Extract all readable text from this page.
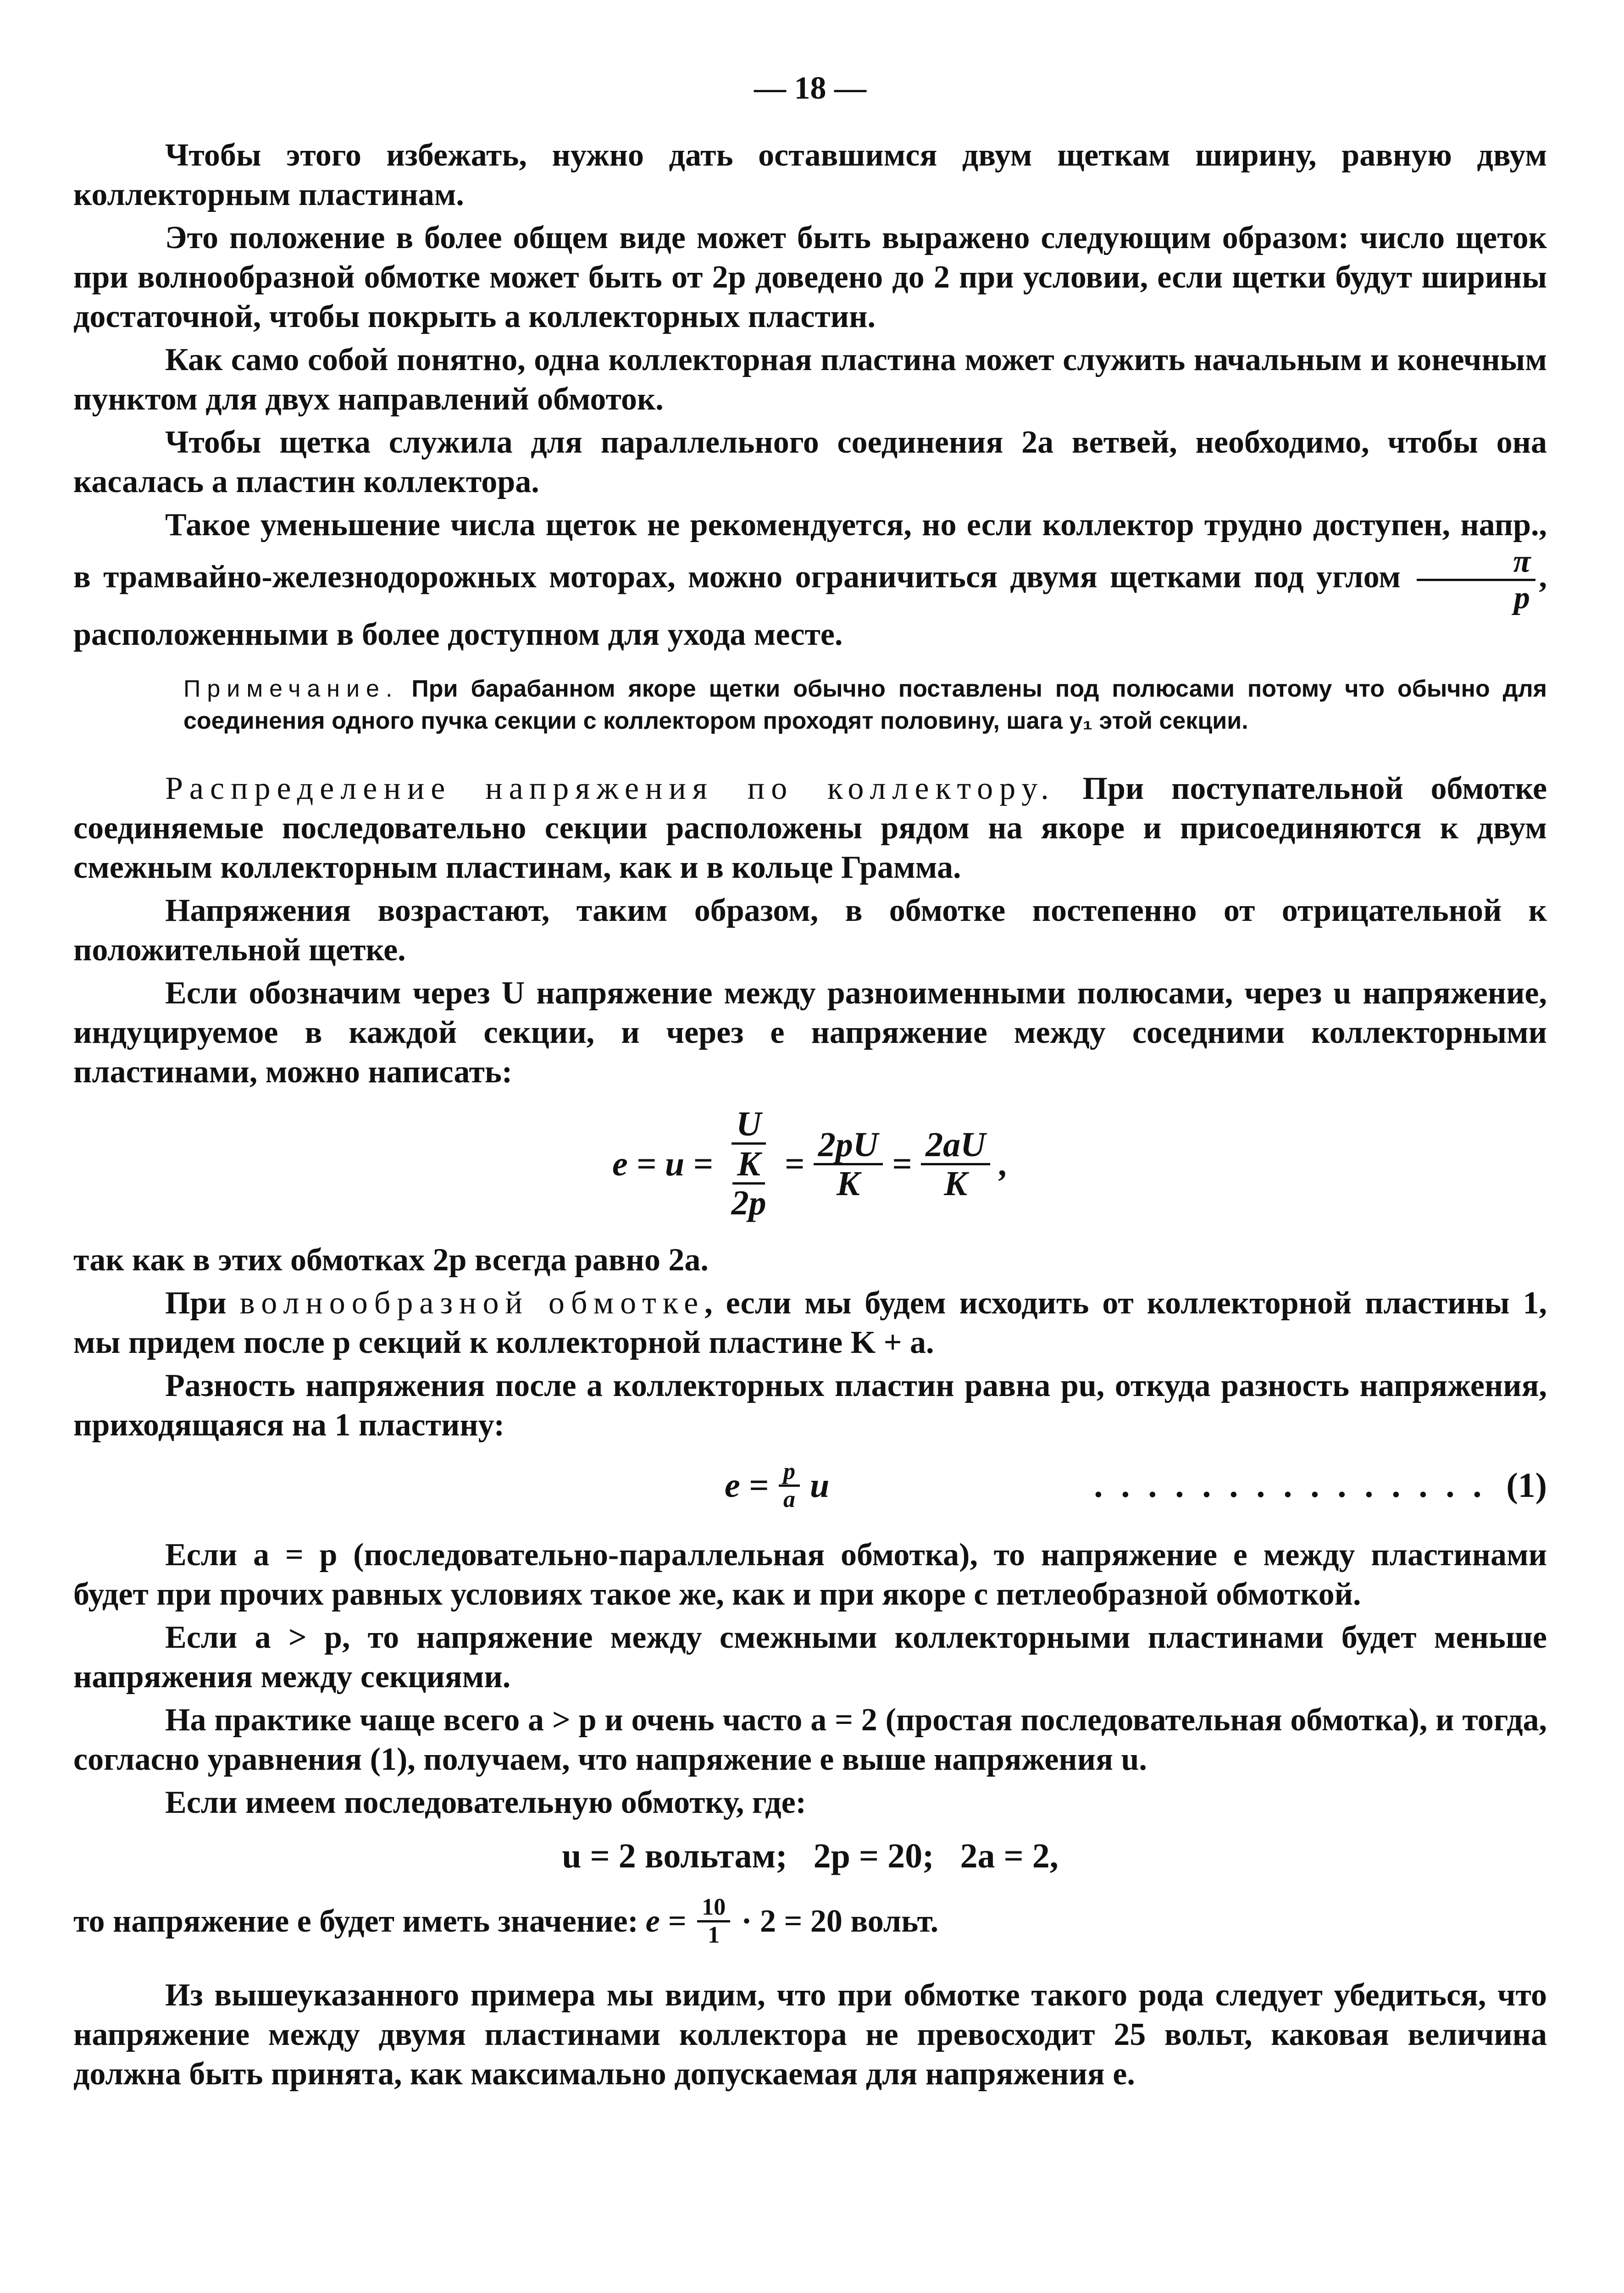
— 18 —

Чтобы этого избежать, нужно дать оставшимся двум щеткам ширину, равную двум коллекторным пластинам.

Это положение в более общем виде может быть выражено следующим образом: число щеток при волнообразной обмотке может быть от 2p доведено до 2 при условии, если щетки будут ширины достаточной, чтобы покрыть a коллекторных пластин.

Как само собой понятно, одна коллекторная пластина может служить начальным и конечным пунктом для двух направлений обмоток.

Чтобы щетка служила для параллельного соединения 2a ветвей, необходимо, чтобы она касалась a пластин коллектора.

Такое уменьшение числа щеток не рекомендуется, но если коллектор трудно доступен, напр., в трамвайно-железнодорожных моторах, можно ограничиться двумя щетками под углом $\frac{\pi}{p}$ , расположенными в более доступном для ухода месте.

Примечание. При барабанном якоре щетки обычно поставлены под полюсами потому что обычно для соединения одного пучка секции с коллектором проходят половину, шага y₁ этой секции.

Распределение напряжения по коллектору. При поступательной обмотке соединяемые последовательно секции расположены рядом на якоре и присоединяются к двум смежным коллекторным пластинам, как и в кольце Грамма.

Напряжения возрастают, таким образом, в обмотке постепенно от отрицательной к положительной щетке.

Если обозначим через U напряжение между разноименными полюсами, через u напряжение, индуцируемое в каждой секции, и через e напряжение между соседними коллекторными пластинами, можно написать:

$e = u = \frac{U}{\frac{K}{2p}} = \frac{2pU}{K} = \frac{2aU}{K}$ ,

так как в этих обмотках 2p всегда равно 2a.

При волнообразной обмотке, если мы будем исходить от коллекторной пластины 1, мы придем после p секций к коллекторной пластине K + a.

Разность напряжения после a коллекторных пластин равна pu, откуда разность напряжения, приходящаяся на 1 пластину:

$e = \frac{p}{a}$ u	............... (1)

Если a = p (последовательно-параллельная обмотка), то напряжение e между пластинами будет при прочих равных условиях такое же, как и при якоре с петлеобразной обмоткой.

Если a > p, то напряжение между смежными коллекторными пластинами будет меньше напряжения между секциями.

На практике чаще всего a > p и очень часто a = 2 (простая последовательная обмотка), и тогда, согласно уравнения (1), получаем, что напряжение e выше напряжения u.

Если имеем последовательную обмотку, где:

u = 2 вольтам;   2p = 20;   2a = 2,
то напряжение e будет иметь значение: $e = \frac{10}{1} \cdot 2 = 20$ вольт.

Из вышеуказанного примера мы видим, что при обмотке такого рода следует убедиться, что напряжение между двумя пластинами коллектора не превосходит 25 вольт, каковая величина должна быть принята, как максимально допускаемая для напряжения e.
